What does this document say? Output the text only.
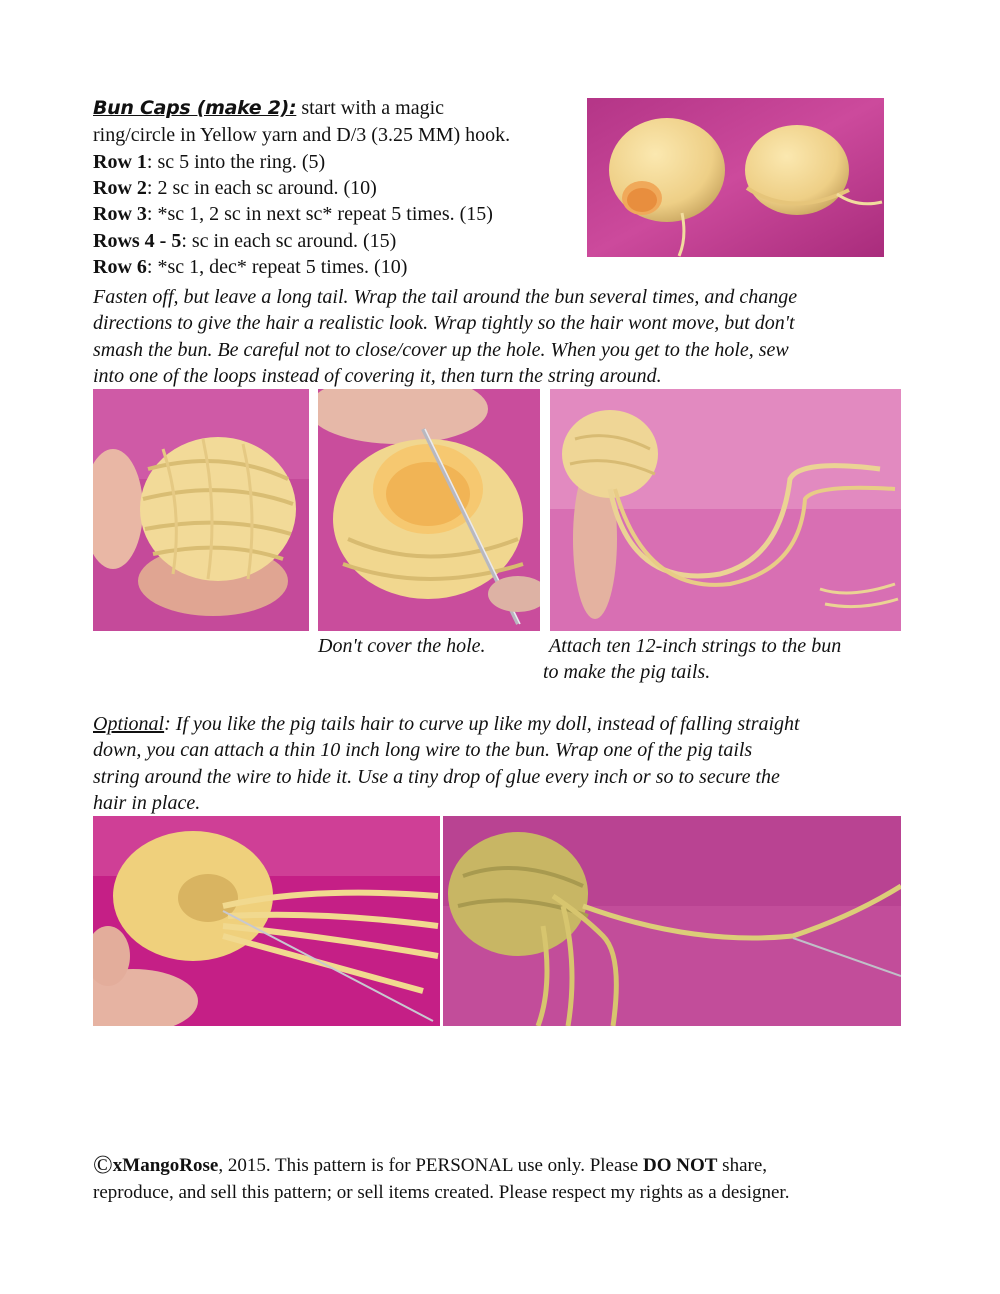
Bun Caps (make 2): start with a magic
ring/circle in Yellow yarn and D/3 (3.25 MM) hook.
Row 1: sc 5 into the ring. (5)
Row 2: 2 sc in each sc around. (10)
Row 3: *sc 1, 2 sc in next sc* repeat 5 times. (15)
Rows 4 - 5: sc in each sc around. (15)
Row 6: *sc 1, dec* repeat 5 times. (10)
Fasten off, but leave a long tail. Wrap the tail around the bun several times, and change
directions to give the hair a realistic look. Wrap tightly so the hair wont move, but don't
smash the bun. Be careful not to close/cover up the hole. When you get to the hole, sew
into one of the loops instead of covering it, then turn the string around.
Don't cover the hole.	Attach ten 12-inch strings to the bun
to make the pig tails.
Optional: If you like the pig tails hair to curve up like my doll, instead of falling straight
down, you can attach a thin 10 inch long wire to the bun. Wrap one of the pig tails
string around the wire to hide it. Use a tiny drop of glue every inch or so to secure the
hair in place.
©xMangoRose, 2015. This pattern is for PERSONAL use only. Please DO NOT share,
reproduce, and sell this pattern; or sell items created. Please respect my rights as a designer.
